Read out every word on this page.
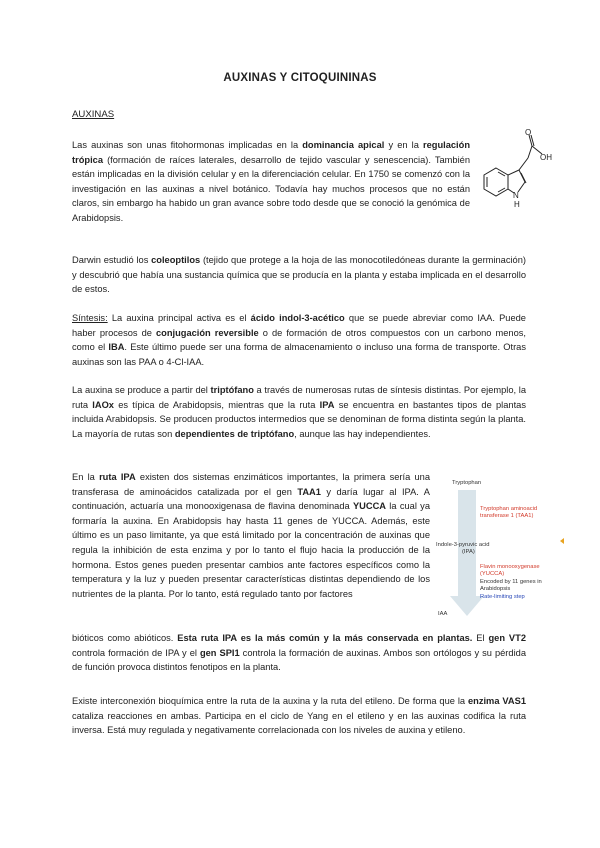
AUXINAS Y CITOQUININAS
AUXINAS

Las auxinas son unas fitohormonas implicadas en la dominancia apical y en la regulación trópica (formación de raíces laterales, desarrollo de tejido vascular y senescencia). También están implicadas en la división celular y en la diferenciación celular. En 1750 se comenzó con la investigación en las auxinas a nivel botánico. Todavía hay muchos procesos que no están claros, sin embargo ha habido un gran avance sobre todo desde que se conoció la genómica de Arabidopsis.

O
OH
N
H

Darwin estudió los coleoptilos (tejido que protege a la hoja de las monocotiledóneas durante la germinación) y descubrió que había una sustancia química que se producía en la planta y estaba implicada en el desarrollo de estos.

Síntesis: La auxina principal activa es el ácido indol-3-acético que se puede abreviar como IAA. Puede haber procesos de conjugación reversible o de formación de otros compuestos con un carbono menos, como el IBA. Este último puede ser una forma de almacenamiento o incluso una forma de transporte. Otras auxinas son las PAA o 4-Cl-IAA.

La auxina se produce a partir del triptófano a través de numerosas rutas de síntesis distintas. Por ejemplo, la ruta IAOx es típica de Arabidopsis, mientras que la ruta IPA se encuentra en bastantes tipos de plantas incluida Arabidopsis. Se producen productos intermedios que se denominan de forma distinta según la planta. La mayoría de rutas son dependientes de triptófano, aunque las hay independientes.

En la ruta IPA existen dos sistemas enzimáticos importantes, la primera sería una transferasa de aminoácidos catalizada por el gen TAA1 y daría lugar al IPA. A continuación, actuaría una monooxigenasa de flavina denominada YUCCA la cual ya formaría la auxina. En Arabidopsis hay hasta 11 genes de YUCCA. Además, este último es un paso limitante, ya que está limitado por la concentración de auxinas que regula la inhibición de esta enzima y por lo tanto el flujo hacia la producción de la hormona. Estos genes pueden presentar cambios ante factores específicos como la temperatura y la luz y pueden presentar características distintas dependiendo de los nutrientes de la planta. Por lo tanto, está regulado tanto por factores

Tryptophan
Tryptophan aminoacid
transferase 1 (TAA1)
Indole-3-pyruvic acid
(IPA)
Flavin monooxygenase
(YUCCA)
Encoded by 11 genes in
Arabidopsis
Rate-limiting step
IAA

bióticos como abióticos. Esta ruta IPA es la más común y la más conservada en plantas. El gen VT2 controla formación de IPA y el gen SPI1 controla la formación de auxinas. Ambos son ortólogos y su pérdida de función provoca distintos fenotipos en la planta.

Existe interconexión bioquímica entre la ruta de la auxina y la ruta del etileno. De forma que la enzima VAS1 cataliza reacciones en ambas. Participa en el ciclo de Yang en el etileno y en las auxinas codifica la ruta inversa. Está muy regulada y negativamente correlacionada con los niveles de auxina y etileno.
